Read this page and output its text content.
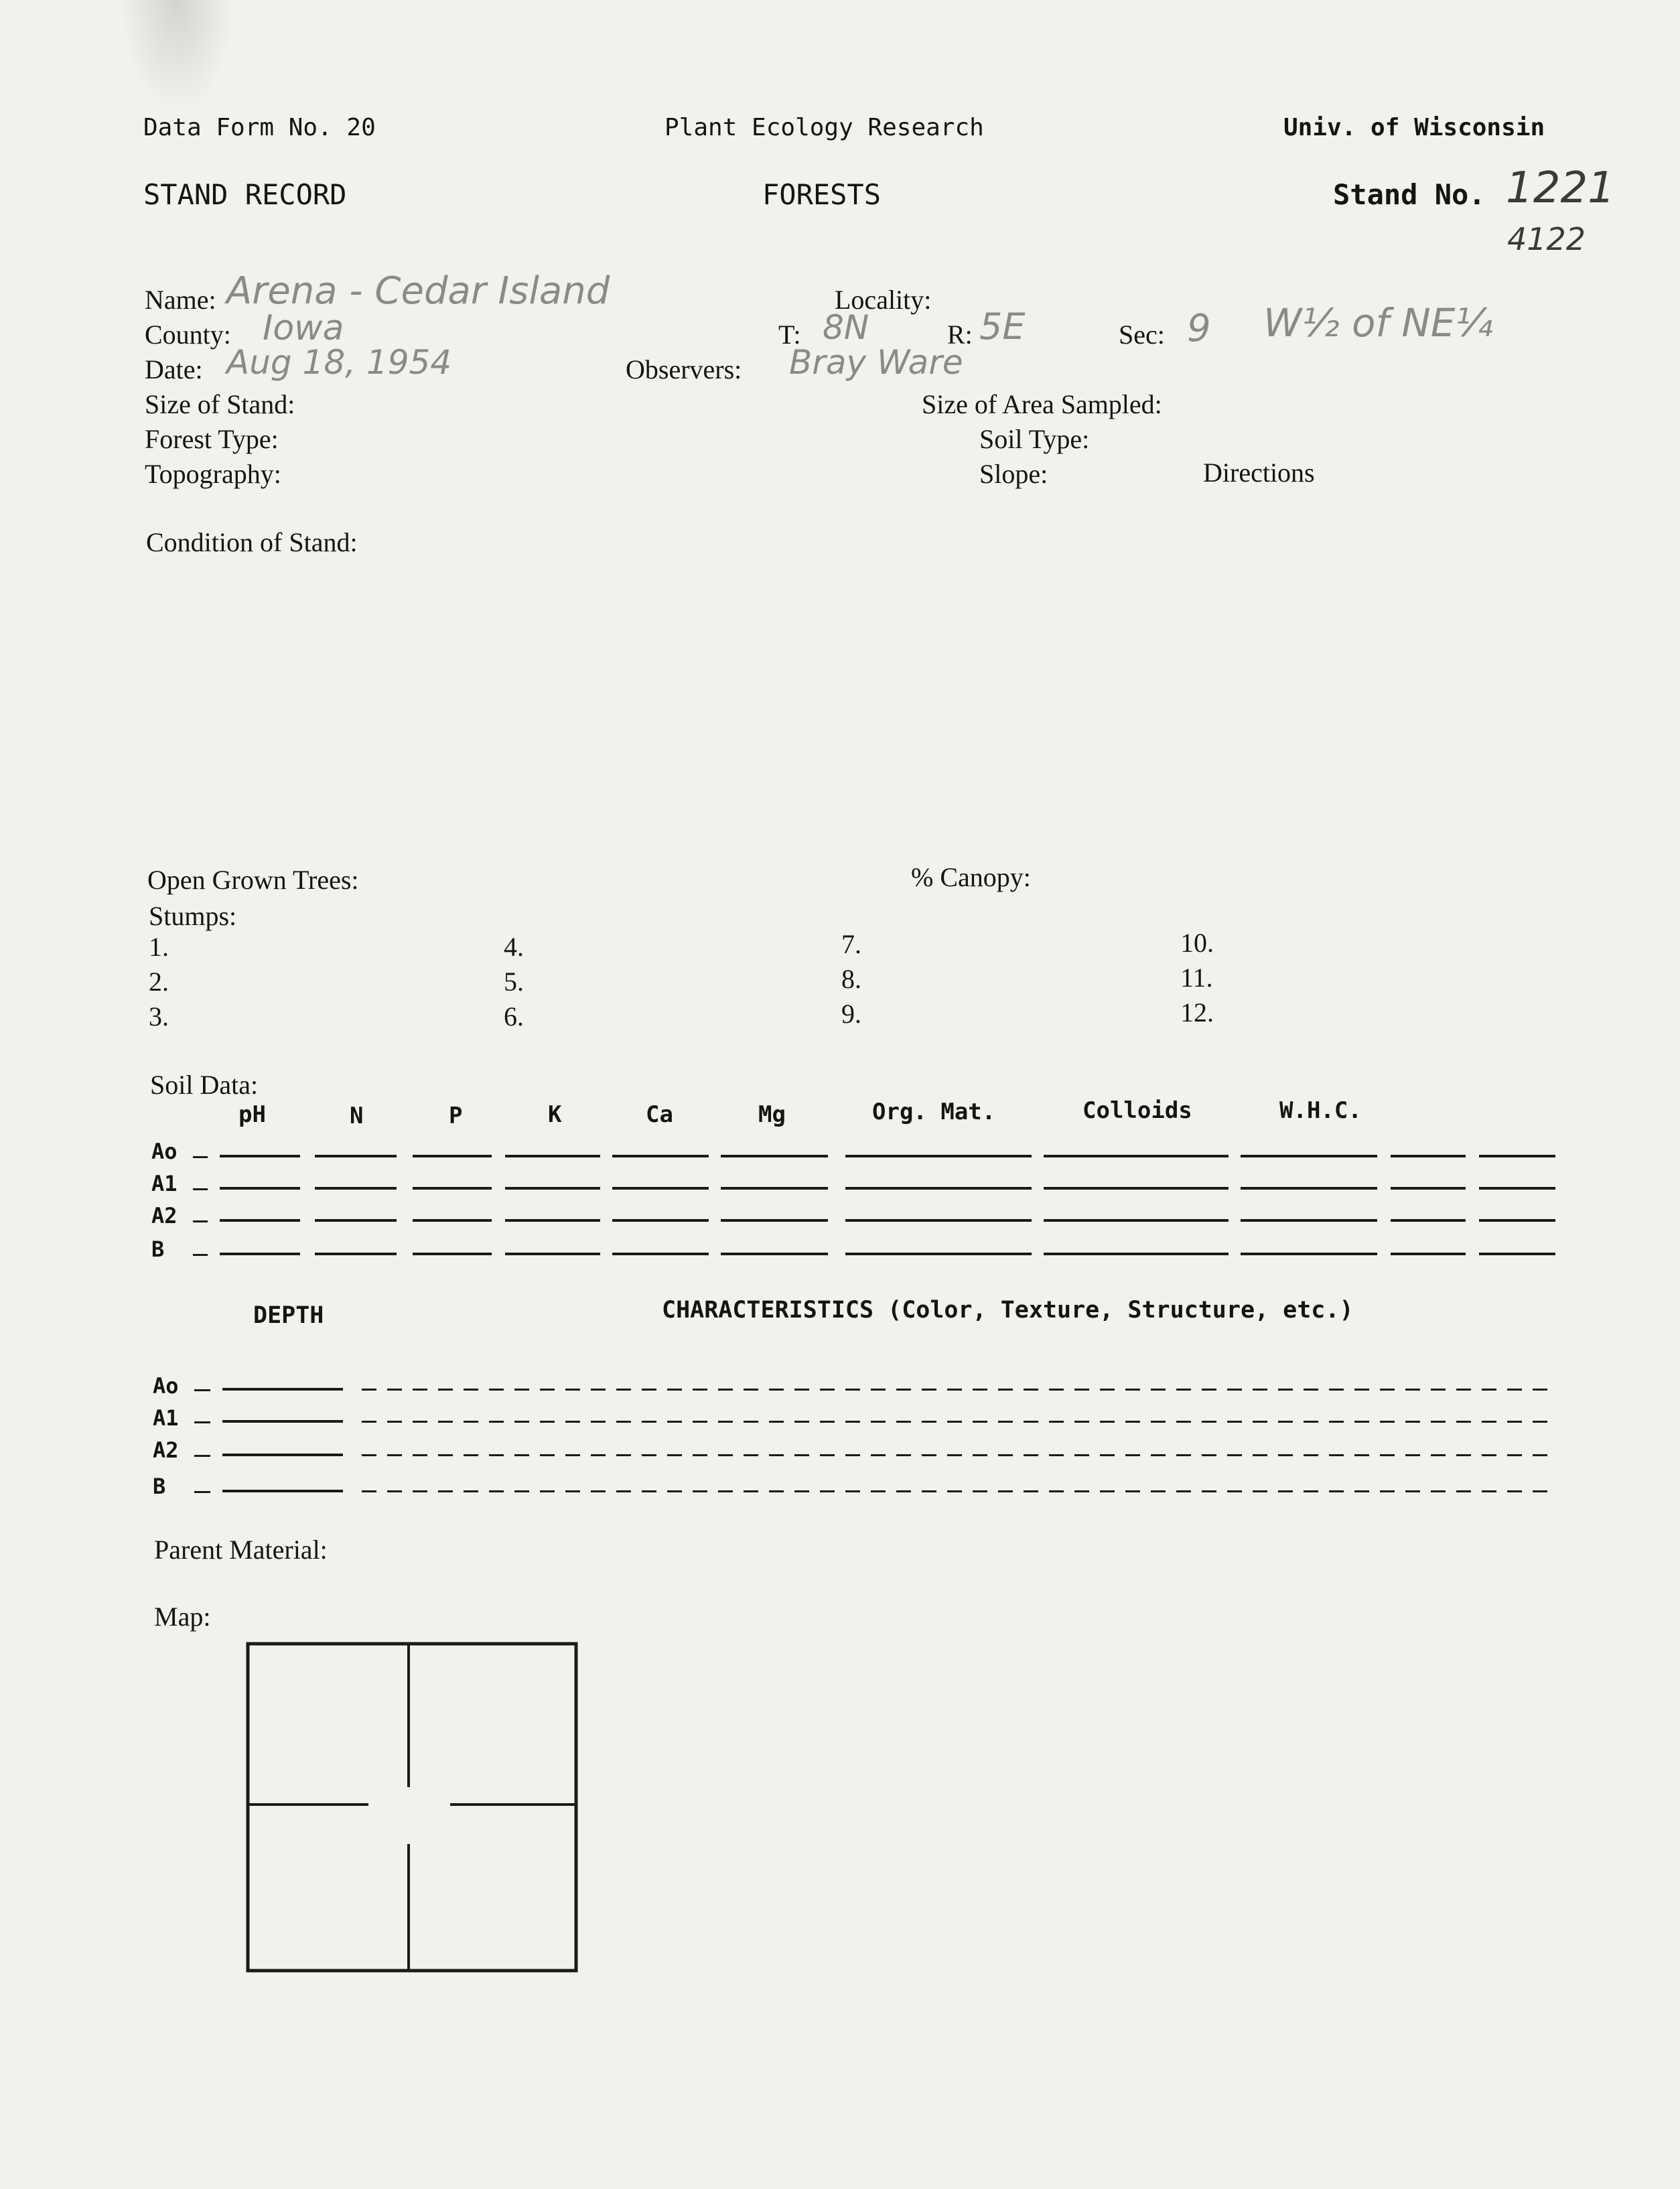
Data Form No. 20	Plant Ecology Research	Univ. of Wisconsin
STAND RECORD	FORESTS	Stand No. 1221
4122
Name: Arena - Cedar Island
County: Iowa
Date: Aug 18, 1954
Size of Stand:
Forest Type:
Topography:
Locality:
T: 8N	R: 5E	Sec: 9 W½ of NE¼
Observers: Bray Ware
Size of Area Sampled:
Soil Type:
Slope:	Directions
Condition of Stand:
Open Grown Trees:	% Canopy:
Stumps:
1.
2.
3.
4.
5.
6.
7.
8.
9.
10.
11.
12.
Soil Data:
pH	N	P	K	Ca	Mg	Org. Mat.	Colloids	W.H.C.
Ao
A1
A2
B
DEPTH	CHARACTERISTICS (Color, Texture, Structure, etc.)
Ao
A1
A2
B
Parent Material:
Map:
